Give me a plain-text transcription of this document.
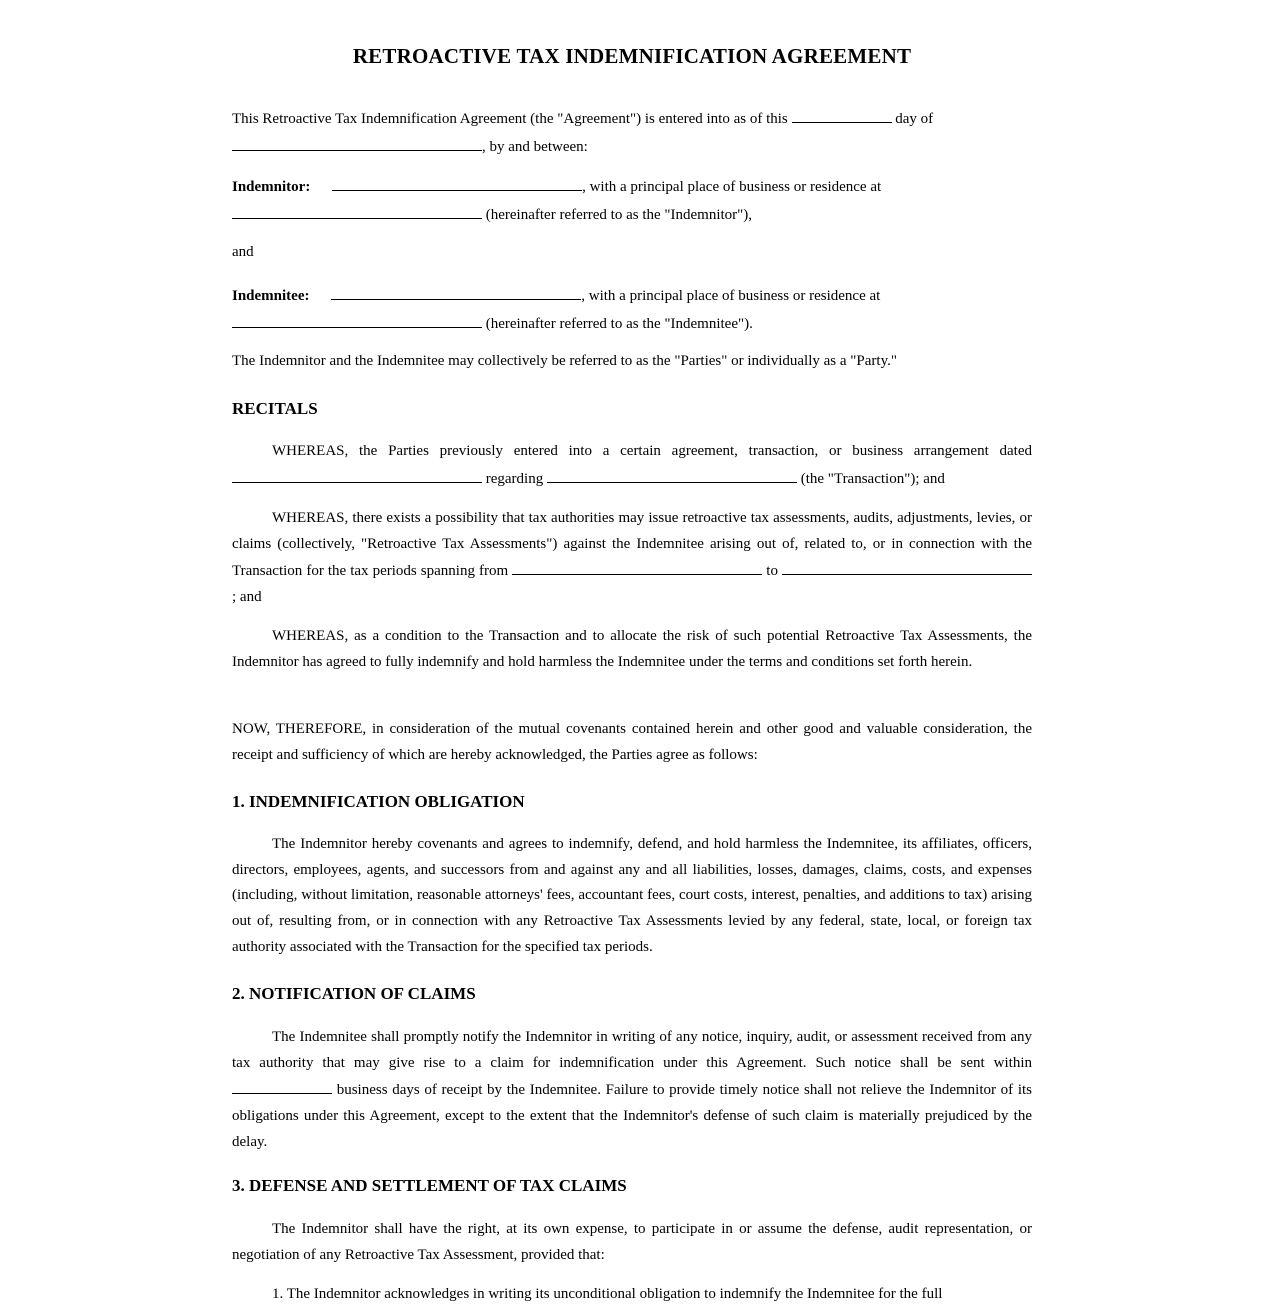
RETROACTIVE TAX INDEMNIFICATION AGREEMENT

This Retroactive Tax Indemnification Agreement (the "Agreement") is entered into as of this	day of
, by and between:

Indemnitor:	, with a principal place of business or residence at
(hereinafter referred to as the "Indemnitor"),

and

Indemnitee:	, with a principal place of business or residence at
(hereinafter referred to as the "Indemnitee").

The Indemnitor and the Indemnitee may collectively be referred to as the "Parties" or individually as a "Party."

RECITALS

WHEREAS, the Parties previously entered into a certain agreement, transaction, or business arrangement dated  regarding	(the "Transaction"); and

WHEREAS, there exists a possibility that tax authorities may issue retroactive tax assessments, audits, adjustments, levies, or claims (collectively, "Retroactive Tax Assessments") against the Indemnitee arising out of, related to, or in connection with the Transaction for the tax periods spanning from	to ; and

WHEREAS, as a condition to the Transaction and to allocate the risk of such potential Retroactive Tax Assessments, the Indemnitor has agreed to fully indemnify and hold harmless the Indemnitee under the terms and conditions set forth herein.

NOW, THEREFORE, in consideration of the mutual covenants contained herein and other good and valuable consideration, the receipt and sufficiency of which are hereby acknowledged, the Parties agree as follows:

1. INDEMNIFICATION OBLIGATION

The Indemnitor hereby covenants and agrees to indemnify, defend, and hold harmless the Indemnitee, its affiliates, officers, directors, employees, agents, and successors from and against any and all liabilities, losses, damages, claims, costs, and expenses (including, without limitation, reasonable attorneys' fees, accountant fees, court costs, interest, penalties, and additions to tax) arising out of, resulting from, or in connection with any Retroactive Tax Assessments levied by any federal, state, local, or foreign tax authority associated with the Transaction for the specified tax periods.

2. NOTIFICATION OF CLAIMS

The Indemnitee shall promptly notify the Indemnitor in writing of any notice, inquiry, audit, or assessment received from any tax authority that may give rise to a claim for indemnification under this Agreement. Such notice shall be sent within  business days of receipt by the Indemnitee. Failure to provide timely notice shall not relieve the Indemnitor of its obligations under this Agreement, except to the extent that the Indemnitor's defense of such claim is materially prejudiced by the delay.

3. DEFENSE AND SETTLEMENT OF TAX CLAIMS

The Indemnitor shall have the right, at its own expense, to participate in or assume the defense, audit representation, or negotiation of any Retroactive Tax Assessment, provided that:

1. The Indemnitor acknowledges in writing its unconditional obligation to indemnify the Indemnitee for the full
